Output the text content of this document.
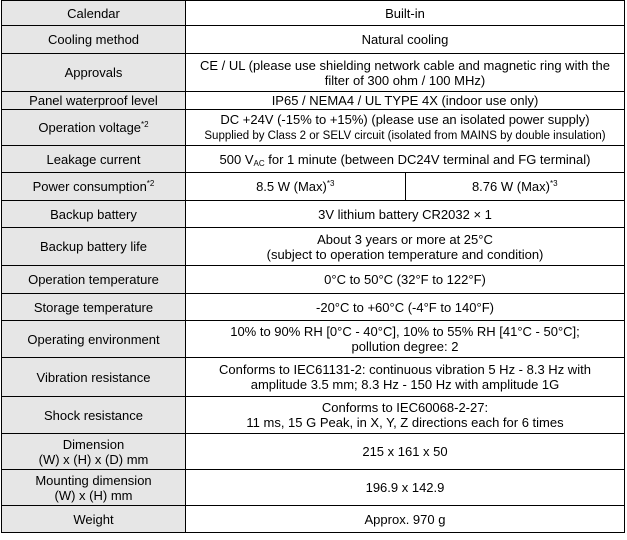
Calendar	Built-in	
Cooling method	Natural cooling	
Approvals	CE / UL (please use shielding network cable and magnetic ring with the
filter of 300 ohm / 100 MHz)	
Panel waterproof level	IP65 / NEMA4 / UL TYPE 4X (indoor use only)	
Operation voltage$^{*2}$	DC +24V (-15% to +15%) (please use an isolated power supply)
Supplied by Class 2 or SELV circuit (isolated from MAINS by double insulation)	
Leakage current	500 $V_{AC}$ for 1 minute (between DC24V terminal and FG terminal)	
Power consumption$^{*2}$	8.5 W (Max)$^{*3}$	8.76 W (Max)$^{*3}$
Backup battery	3V lithium battery CR2032 × 1	
Backup battery life	About 3 years or more at 25°C
(subject to operation temperature and condition)	
Operation temperature	0°C to 50°C (32°F to 122°F)	
Storage temperature	-20°C to +60°C (-4°F to 140°F)	
Operating environment	10% to 90% RH [0°C - 40°C], 10% to 55% RH [41°C - 50°C];
pollution degree: 2	
Vibration resistance	Conforms to IEC61131-2: continuous vibration 5 Hz - 8.3 Hz with
amplitude 3.5 mm; 8.3 Hz - 150 Hz with amplitude 1G	
Shock resistance	Conforms to IEC60068-2-27:
11 ms, 15 G Peak, in X, Y, Z directions each for 6 times	
Dimension
(W) x (H) x (D) mm	215 x 161 x 50	
Mounting dimension
(W) x (H) mm	196.9 x 142.9	
Weight	Approx. 970 g	
